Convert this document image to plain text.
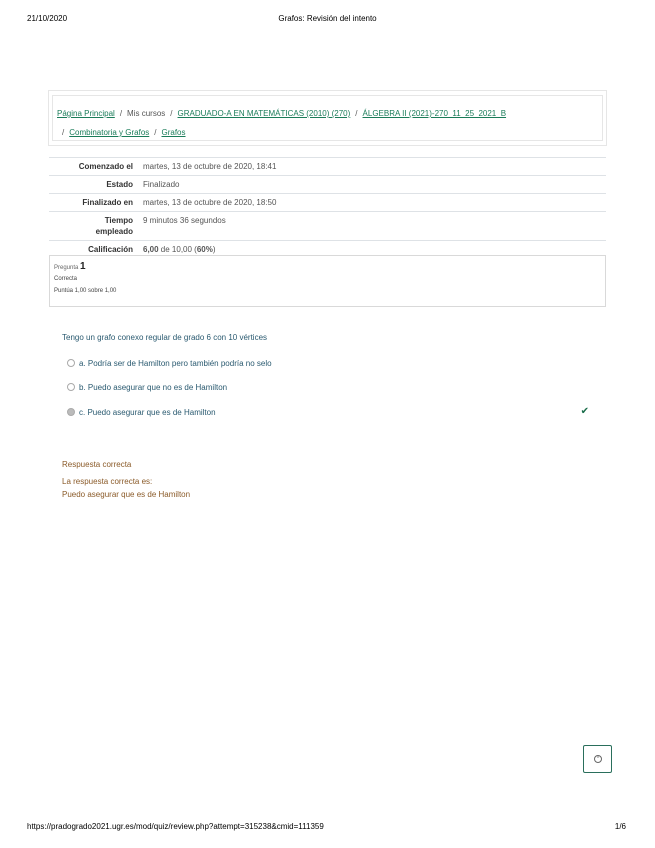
21/10/2020	Grafos: Revisión del intento
Página Principal / Mis cursos / GRADUADO-A EN MATEMÁTICAS (2010) (270) / ÁLGEBRA II (2021)-270_11_25_2021_B
/ Combinatoria y Grafos / Grafos
Comenzado el	martes, 13 de octubre de 2020, 18:41
Estado	Finalizado
Finalizado en	martes, 13 de octubre de 2020, 18:50
Tiempo empleado	9 minutos 36 segundos
Calificación	6,00 de 10,00 (60%)
Pregunta 1
Correcta
Puntúa 1,00 sobre 1,00
Tengo un grafo conexo regular de grado 6 con 10 vértices
a. Podría ser de Hamilton pero también podría no selo
b. Puedo asegurar que no es de Hamilton
c. Puedo asegurar que es de Hamilton	✔
Respuesta correcta
La respuesta correcta es:
Puedo asegurar que es de Hamilton
^
https://pradogrado2021.ugr.es/mod/quiz/review.php?attempt=315238&cmid=111359	1/6
